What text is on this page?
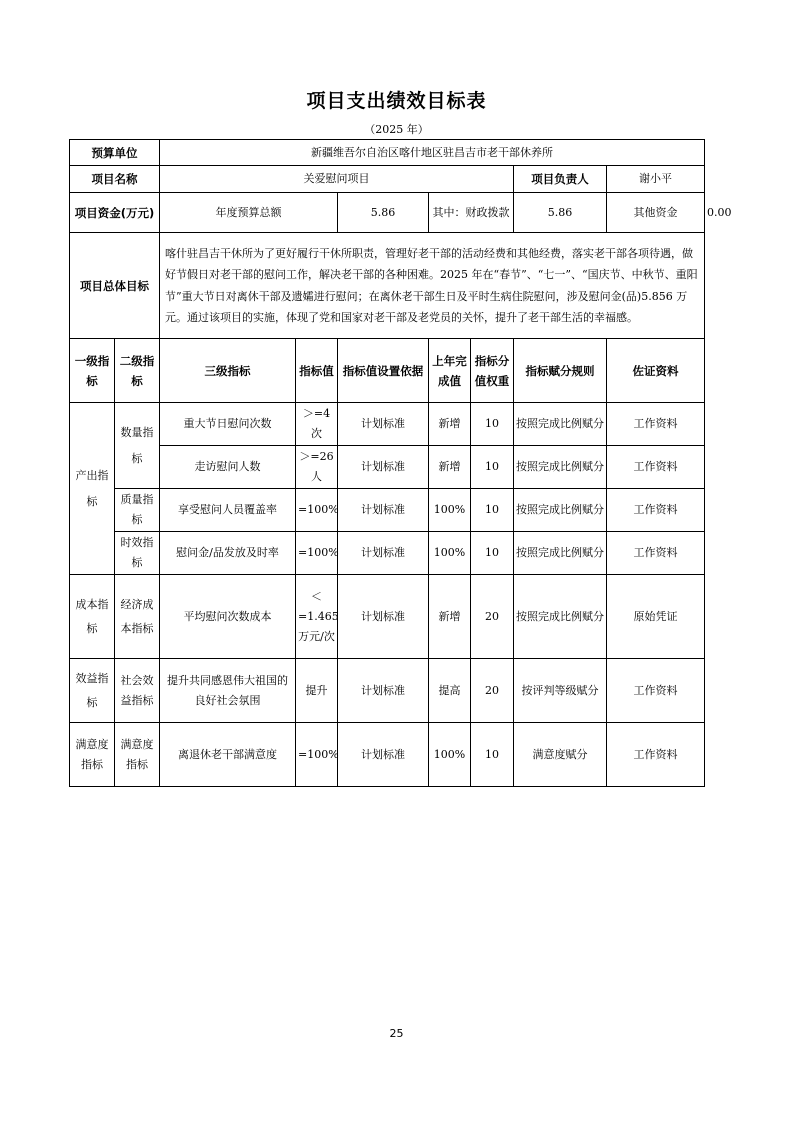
项目支出绩效目标表
（2025 年）
预算单位		新疆维吾尔自治区喀什地区驻昌吉市老干部休养所							
项目名称		关爱慰问项目					项目负责人	谢小平	
项目资金(万元)		年度预算总额		5.86	其中：财政拨款		5.86	其他资金	0.00
项目总体目标		喀什驻昌吉干休所为了更好履行干休所职责，管理好老干部的活动经费和其他经费，落实老干部各项待遇，做好节假日对老干部的慰问工作，解决老干部的各种困难。2025 年在“春节”、“七一”、“国庆节、中秋节、重阳节”重大节日对离休干部及遗孀进行慰问；在离休老干部生日及平时生病住院慰问，涉及慰问金(品)5.856 万元。通过该项目的实施，体现了党和国家对老干部及老党员的关怀，提升了老干部生活的幸福感。							
一级指标	二级指标	三级指标	指标值	指标值设置依据	上年完成值	指标分值权重	指标赋分规则	佐证资料	
产出指标	数量指标	重大节日慰问次数	＞=4次	计划标准	新增	10	按照完成比例赋分	工作资料	
		走访慰问人数	＞=26人	计划标准	新增	10	按照完成比例赋分	工作资料	
	质量指标	享受慰问人员覆盖率	=100%	计划标准	100%	10	按照完成比例赋分	工作资料	
	时效指标	慰问金/品发放及时率	=100%	计划标准	100%	10	按照完成比例赋分	工作资料	
成本指标	经济成本指标	平均慰问次数成本	＜=1.465万元/次	计划标准	新增	20	按照完成比例赋分	原始凭证	
效益指标	社会效益指标	提升共同感恩伟大祖国的良好社会氛围	提升	计划标准	提高	20	按评判等级赋分	工作资料	
满意度指标	满意度指标	离退休老干部满意度	=100%	计划标准	100%	10	满意度赋分	工作资料	
25
